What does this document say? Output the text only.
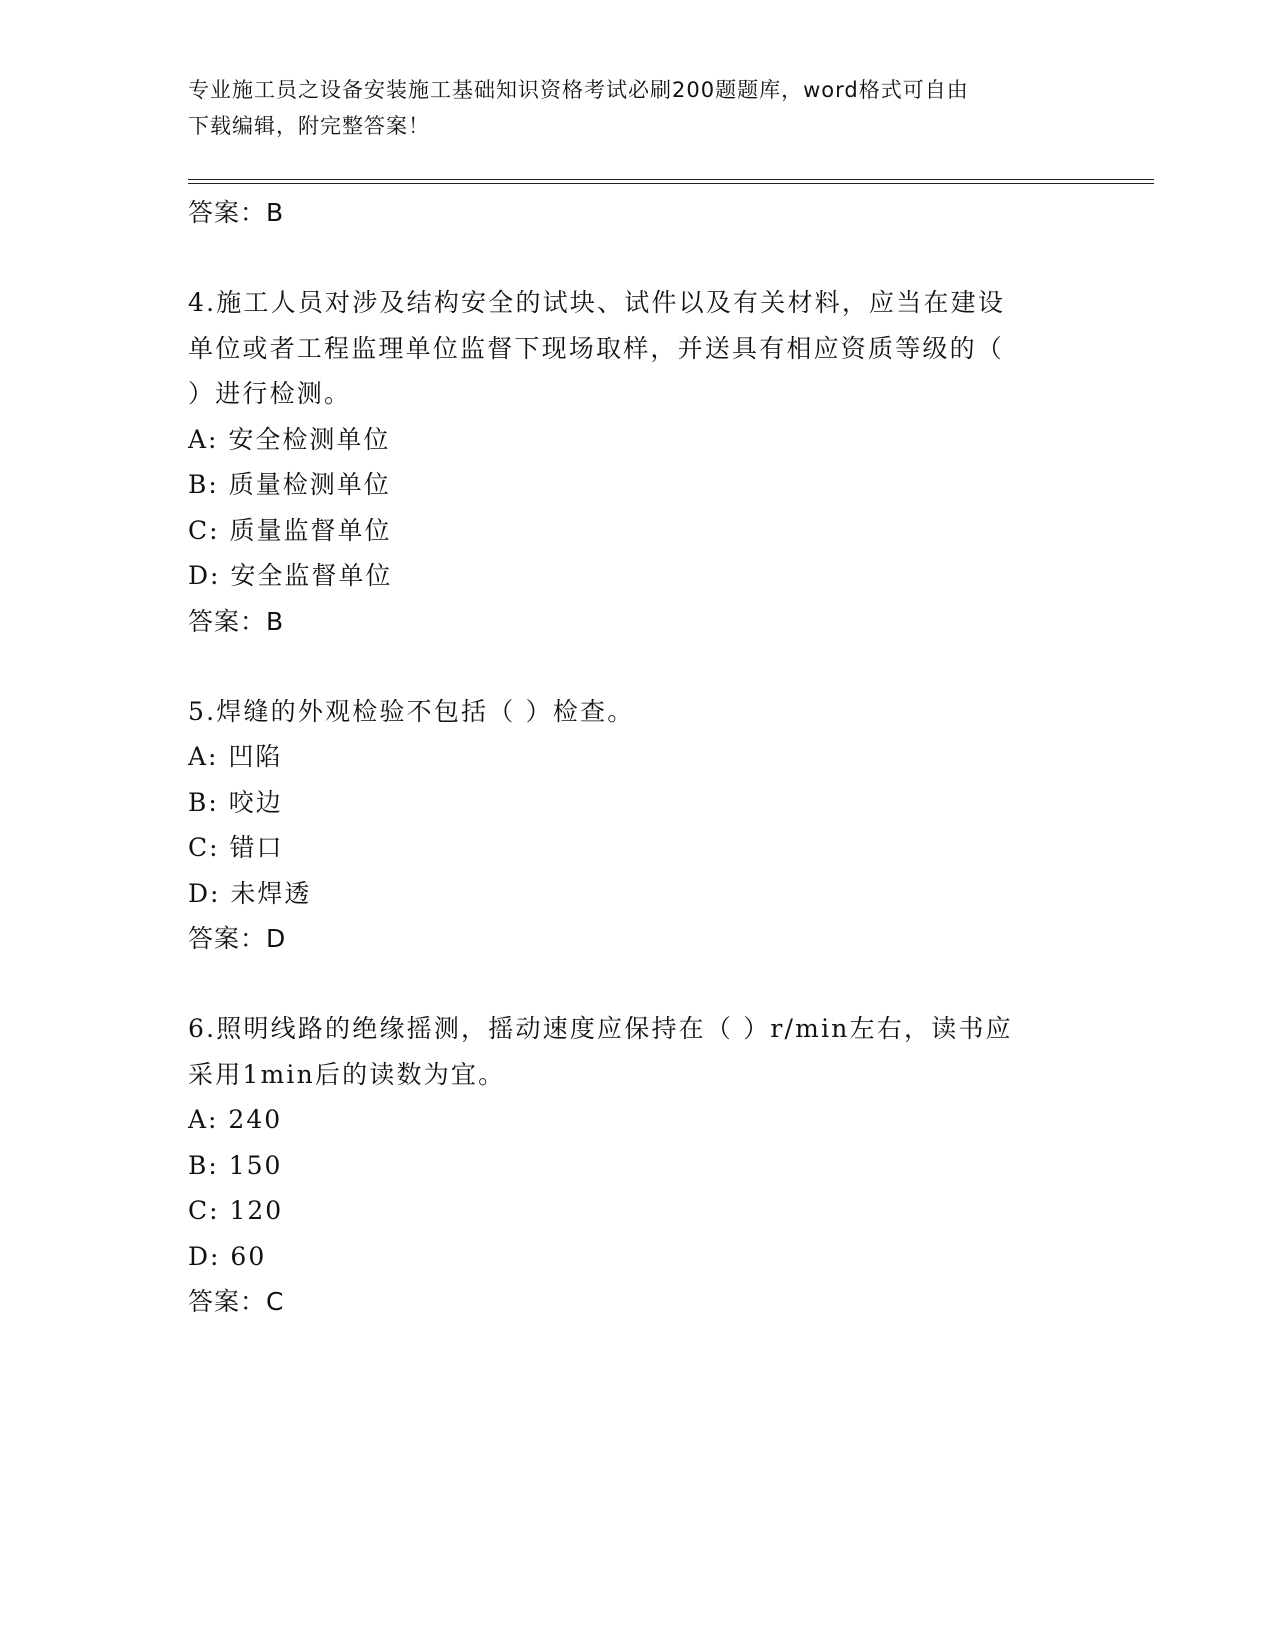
专业施工员之设备安装施工基础知识资格考试必刷200题题库，word格式可自由
下载编辑，附完整答案！
答案：B
4.施工人员对涉及结构安全的试块、试件以及有关材料，应当在建设
单位或者工程监理单位监督下现场取样，并送具有相应资质等级的（
）进行检测。
A: 安全检测单位
B: 质量检测单位
C: 质量监督单位
D: 安全监督单位
答案：B
5.焊缝的外观检验不包括（ ）检查。
A: 凹陷
B: 咬边
C: 错口
D: 未焊透
答案：D
6.照明线路的绝缘摇测，摇动速度应保持在（ ）r/min左右，读书应
采用1min后的读数为宜。
A: 240
B: 150
C: 120
D: 60
答案：C
